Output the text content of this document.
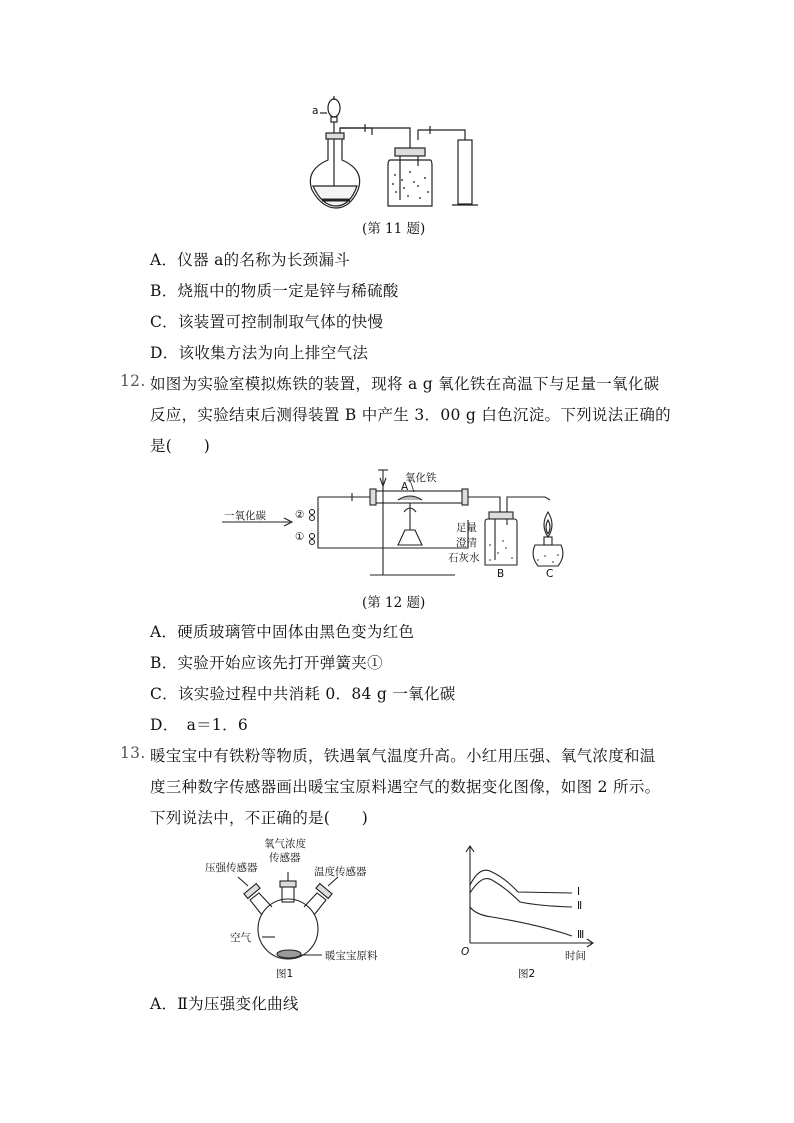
a
(第 11 题)
A．仪器 a的名称为长颈漏斗
B．烧瓶中的物质一定是锌与稀硫酸
C．该装置可控制制取气体的快慢
D．该收集方法为向上排空气法
12. 如图为实验室模拟炼铁的装置，现将 a g 氧化铁在高温下与足量一氧化碳
反应，实验结束后测得装置 B 中产生 3．00 g 白色沉淀。下列说法正确的
是(　　)
一氧化碳	②
①
氧化铁
A
足量
澄清
石灰水
B	C
(第 12 题)
A．硬质玻璃管中固体由黑色变为红色
B．实验开始应该先打开弹簧夹①
C．该实验过程中共消耗 0．84 g 一氧化碳
D．　a＝1．6
13. 暖宝宝中有铁粉等物质，铁遇氧气温度升高。小红用压强、氧气浓度和温
度三种数字传感器画出暖宝宝原料遇空气的数据变化图像，如图 2 所示。
下列说法中，不正确的是(　　)
氧气浓度
传感器
压强传感器	温度传感器
空气
暖宝宝原料
图1
Ⅰ
Ⅱ
Ⅲ
O	时间
图2
A．Ⅱ为压强变化曲线
